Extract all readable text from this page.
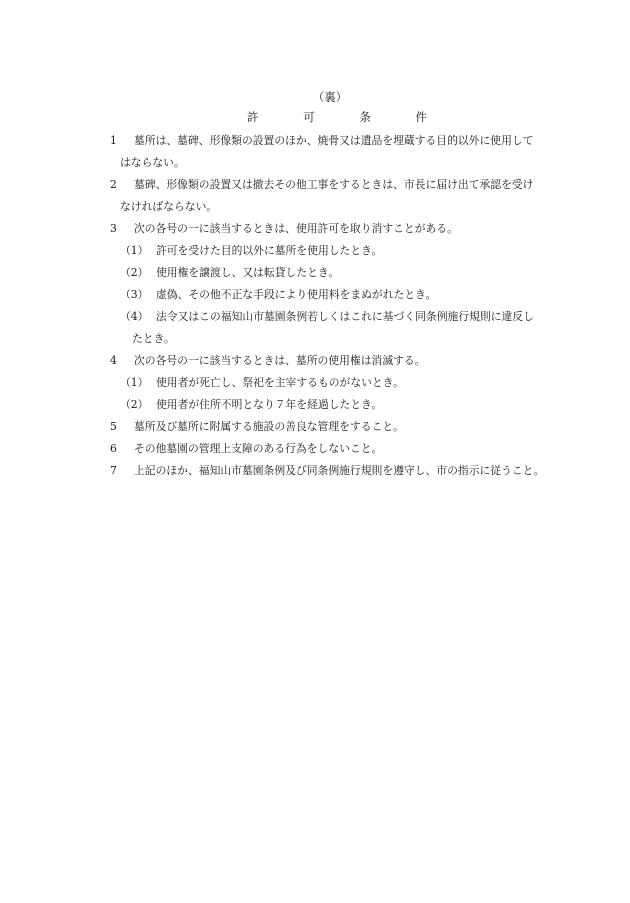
（裏）
許	可	条	件
1 墓所は、墓碑、形像類の設置のほか、焼骨又は遺品を埋蔵する目的以外に使用して
はならない。
2 墓碑、形像類の設置又は撤去その他工事をするときは、市長に届け出て承認を受け
なければならない。
3 次の各号の一に該当するときは、使用許可を取り消すことがある。
（1） 許可を受けた目的以外に墓所を使用したとき。
（2） 使用権を譲渡し、又は転貸したとき。
（3） 虚偽、その他不正な手段により使用料をまぬがれたとき。
（4） 法令又はこの福知山市墓園条例若しくはこれに基づく同条例施行規則に違反し
たとき。
4 次の各号の一に該当するときは、墓所の使用権は消滅する。
（1） 使用者が死亡し、祭祀を主宰するものがないとき。
（2） 使用者が住所不明となり７年を経過したとき。
5 墓所及び墓所に附属する施設の善良な管理をすること。
6 その他墓園の管理上支障のある行為をしないこと。
7 上記のほか、福知山市墓園条例及び同条例施行規則を遵守し、市の指示に従うこと。
